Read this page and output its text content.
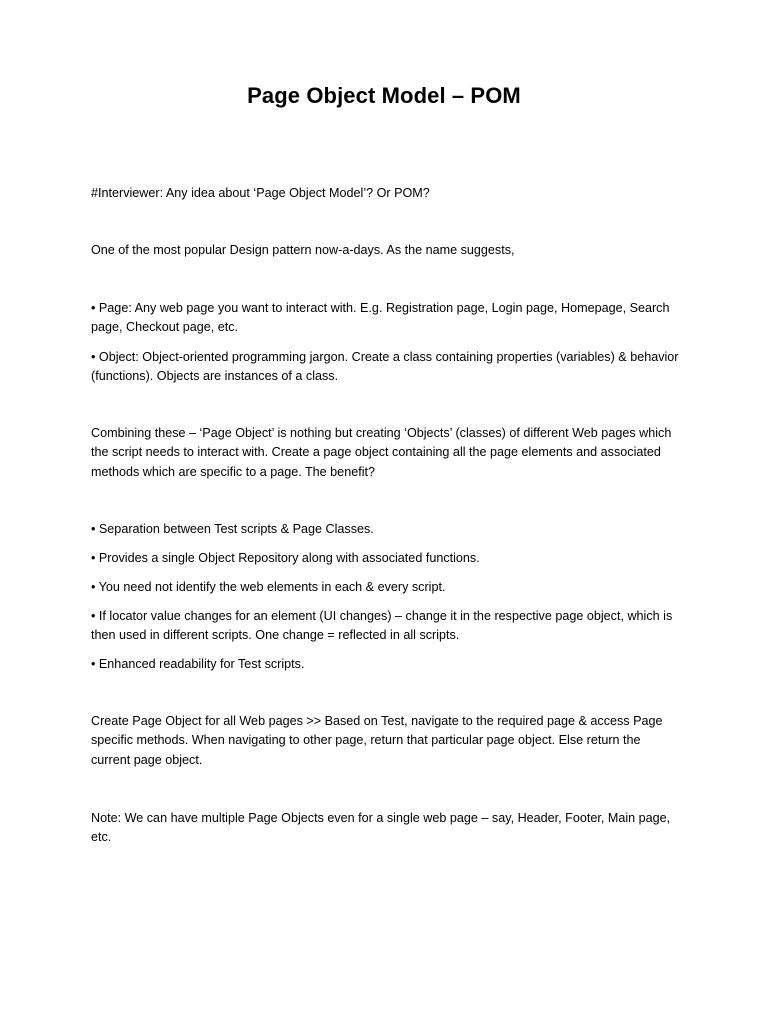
Page Object Model – POM

#Interviewer: Any idea about ‘Page Object Model’? Or POM?

One of the most popular Design pattern now-a-days. As the name suggests,

• Page: Any web page you want to interact with. E.g. Registration page, Login page, Homepage, Search page, Checkout page, etc.

• Object: Object-oriented programming jargon. Create a class containing properties (variables) & behavior (functions). Objects are instances of a class.

Combining these – ‘Page Object’ is nothing but creating ‘Objects’ (classes) of different Web pages which the script needs to interact with. Create a page object containing all the page elements and associated methods which are specific to a page. The benefit?

• Separation between Test scripts & Page Classes.

• Provides a single Object Repository along with associated functions.

• You need not identify the web elements in each & every script.

• If locator value changes for an element (UI changes) – change it in the respective page object, which is then used in different scripts. One change = reflected in all scripts.

• Enhanced readability for Test scripts.

Create Page Object for all Web pages >> Based on Test, navigate to the required page & access Page specific methods. When navigating to other page, return that particular page object. Else return the current page object.

Note: We can have multiple Page Objects even for a single web page – say, Header, Footer, Main page, etc.
